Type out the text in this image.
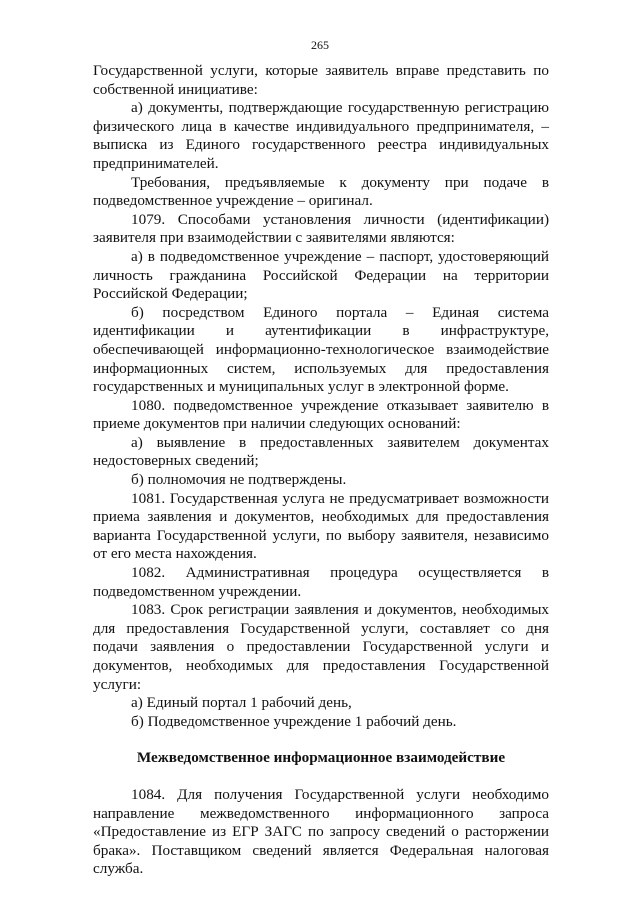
265

Государственной услуги, которые заявитель вправе представить по собственной инициативе:

а) документы, подтверждающие государственную регистрацию физического лица в качестве индивидуального предпринимателя, – выписка из Единого государственного реестра индивидуальных предпринимателей.

Требования, предъявляемые к документу при подаче в подведомственное учреждение – оригинал.

1079. Способами установления личности (идентификации) заявителя при взаимодействии с заявителями являются:

а) в подведомственное учреждение – паспорт, удостоверяющий личность гражданина Российской Федерации на территории Российской Федерации;

б) посредством Единого портала – Единая система идентификации и аутентификации в инфраструктуре, обеспечивающей информационно-технологическое взаимодействие информационных систем, используемых для предоставления государственных и муниципальных услуг в электронной форме.

1080. подведомственное учреждение отказывает заявителю в приеме документов при наличии следующих оснований:

а) выявление в предоставленных заявителем документах недостоверных сведений;

б) полномочия не подтверждены.

1081. Государственная услуга не предусматривает возможности приема заявления и документов, необходимых для предоставления варианта Государственной услуги, по выбору заявителя, независимо от его места нахождения.

1082. Административная процедура осуществляется в подведомственном учреждении.

1083. Срок регистрации заявления и документов, необходимых для предоставления Государственной услуги, составляет со дня подачи заявления о предоставлении Государственной услуги и документов, необходимых для предоставления Государственной услуги:

а) Единый портал 1 рабочий день,

б) Подведомственное учреждение 1 рабочий день.

Межведомственное информационное взаимодействие

1084. Для получения Государственной услуги необходимо направление межведомственного информационного запроса «Предоставление из ЕГР ЗАГС по запросу сведений о расторжении брака». Поставщиком сведений является Федеральная налоговая служба.
